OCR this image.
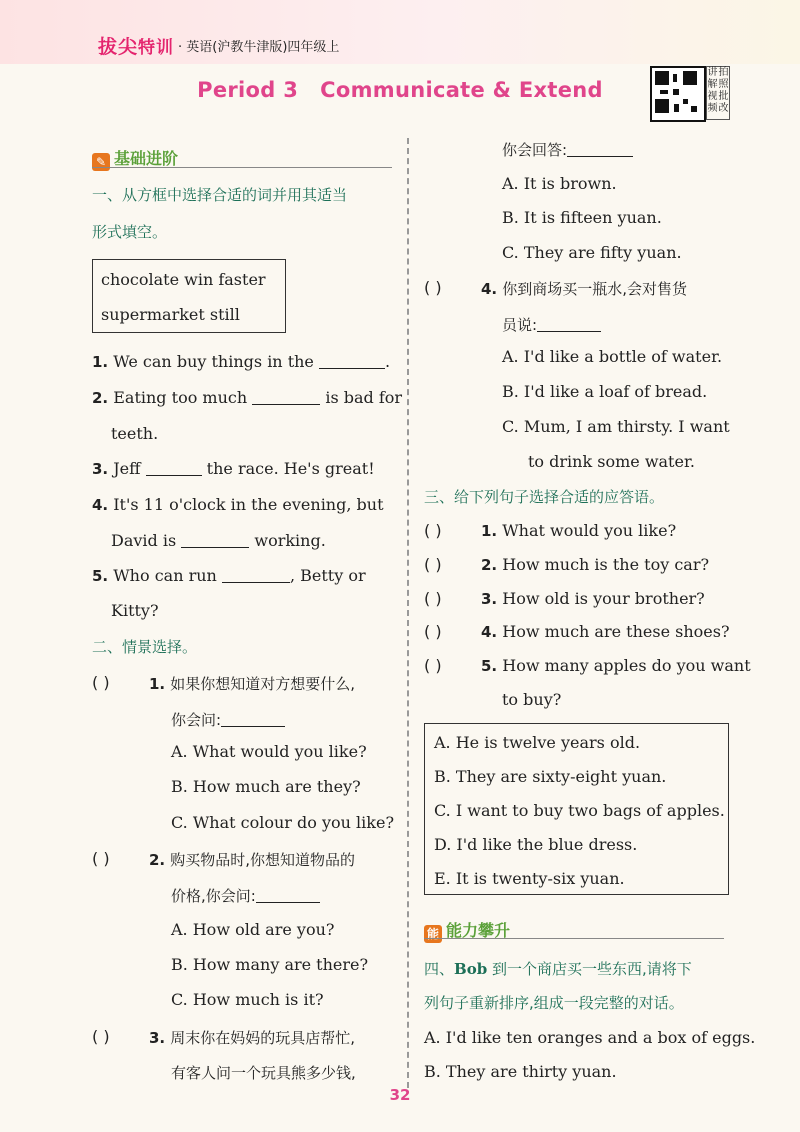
拔尖特训 · 英语(沪教牛津版)四年级上
Period 3 Communicate & Extend
讲 拍
解 照
视 批
频 改
✎ 基础进阶
一、从方框中选择合适的词并用其适当
形式填空。
chocolate win faster
supermarket still
1. We can buy things in the	.
2. Eating too much	is bad for
teeth.
3. Jeff	the race. He's great!
4. It's 11 o'clock in the evening, but
David is	working.
5. Who can run	, Betty or
Kitty?
二、情景选择。
( )	1. 如果你想知道对方想要什么,
你会问:
A. What would you like?
B. How much are they?
C. What colour do you like?
( )	2. 购买物品时,你想知道物品的
价格,你会问:
A. How old are you?
B. How many are there?
C. How much is it?
( )	3. 周末你在妈妈的玩具店帮忙,
有客人问一个玩具熊多少钱,
你会回答:
A. It is brown.
B. It is fifteen yuan.
C. They are fifty yuan.
( )	4. 你到商场买一瓶水,会对售货
员说:
A. I'd like a bottle of water.
B. I'd like a loaf of bread.
C. Mum, I am thirsty. I want
to drink some water.
三、给下列句子选择合适的应答语。
( )	1. What would you like?
( )	2. How much is the toy car?
( )	3. How old is your brother?
( )	4. How much are these shoes?
( )	5. How many apples do you want
to buy?
A. He is twelve years old.
B. They are sixty-eight yuan.
C. I want to buy two bags of apples.
D. I'd like the blue dress.
E. It is twenty-six yuan.
能 能力攀升
四、Bob 到一个商店买一些东西,请将下
列句子重新排序,组成一段完整的对话。
A. I'd like ten oranges and a box of eggs.
B. They are thirty yuan.
32
